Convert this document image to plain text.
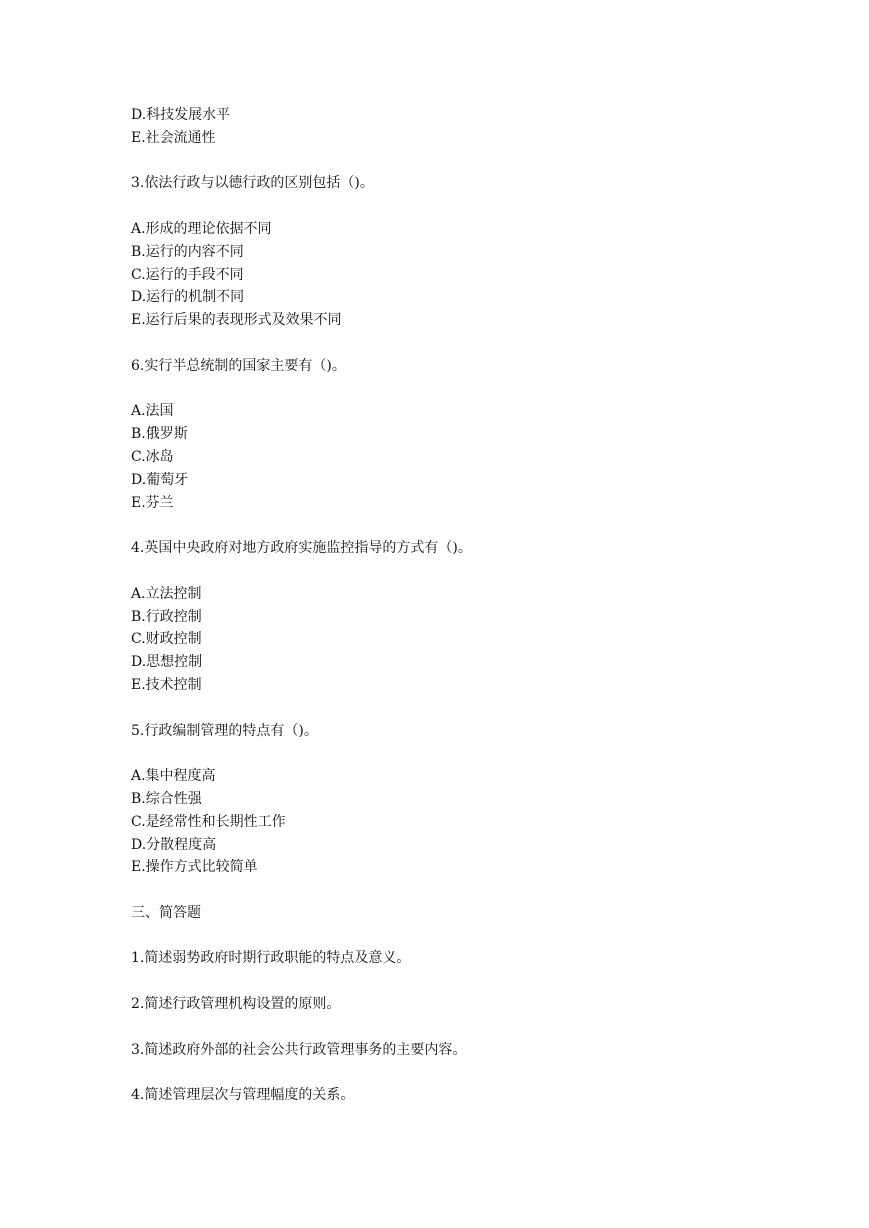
D.科技发展水平
E.社会流通性
3.依法行政与以德行政的区别包括（)。
A.形成的理论依据不同
B.运行的内容不同
C.运行的手段不同
D.运行的机制不同
E.运行后果的表现形式及效果不同
6.实行半总统制的国家主要有（)。
A.法国
B.俄罗斯
C.冰岛
D.葡萄牙
E.芬兰
4.英国中央政府对地方政府实施监控指导的方式有（)。
A.立法控制
B.行政控制
C.财政控制
D.思想控制
E.技术控制
5.行政编制管理的特点有（)。
A.集中程度高
B.综合性强
C.是经常性和长期性工作
D.分散程度高
E.操作方式比较简单
三、简答题
1.简述弱势政府时期行政职能的特点及意义。
2.简述行政管理机构设置的原则。
3.简述政府外部的社会公共行政管理事务的主要内容。
4.简述管理层次与管理幅度的关系。
